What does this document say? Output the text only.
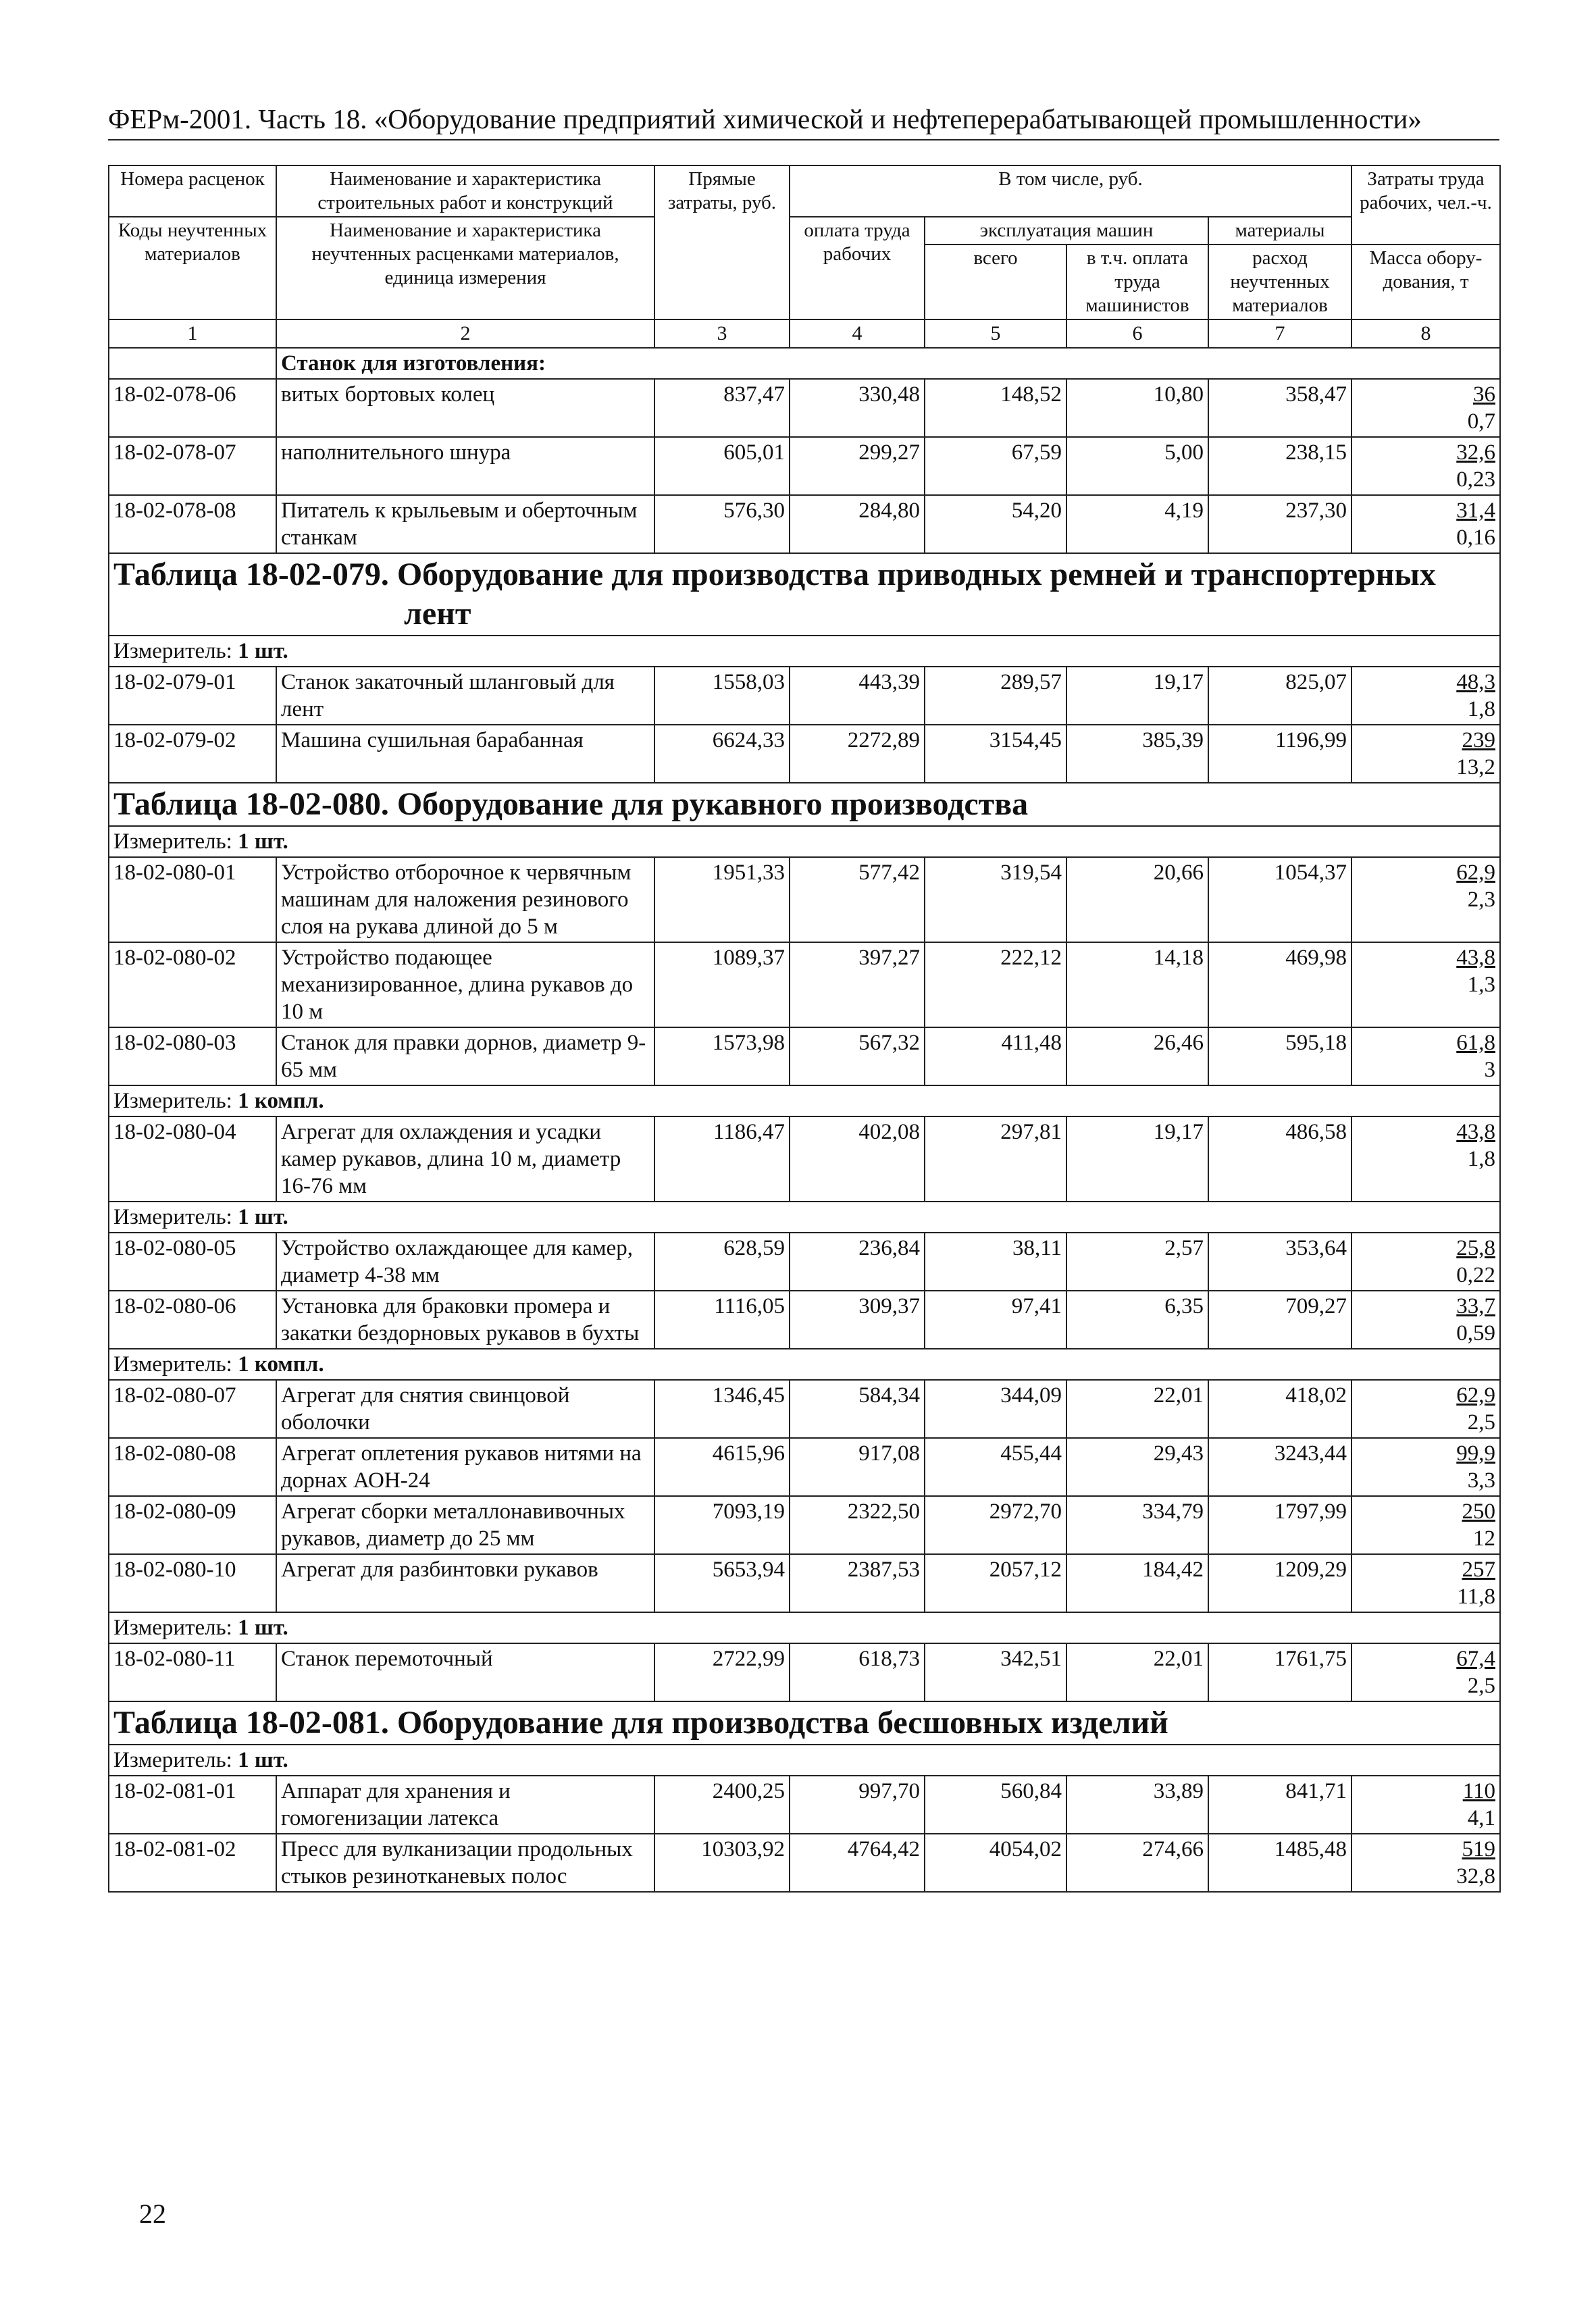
ФЕРм-2001. Часть 18. «Оборудование предприятий химической и нефтеперерабатывающей промышленности»
Номера расценок	Наименование и характеристика строительных работ и конструкций	Прямые затраты, руб.	В том числе, руб.				Затраты труда рабочих, чел.-ч.
Коды неучтенных материалов	Наименование и характеристика неучтенных расценками материалов, единица измерения		оплата труда рабочих	эксплуатация машин		материалы	
				всего	в т.ч. оплата труда машинистов	расход неучтенных материалов	Масса обору-дования, т
1	2	3	4	5	6	7	8
	Станок для изготовления:						
18-02-078-06	витых бортовых колец	837,47	330,48	148,52	10,80	358,47	36
0,7

18-02-078-07	наполнительного шнура	605,01	299,27	67,59	5,00	238,15	32,6
0,23

18-02-078-08	Питатель к крыльевым и оберточным станкам	576,30	284,80	54,20	4,19	237,30	31,4
0,16

Таблица 18-02-079. Оборудование для производства приводных ремней и транспортерных
лент							

Измеритель: 1 шт.							
18-02-079-01	Станок закаточный шланговый для лент	1558,03	443,39	289,57	19,17	825,07	48,3
1,8

18-02-079-02	Машина сушильная барабанная	6624,33	2272,89	3154,45	385,39	1196,99	239
13,2

Таблица 18-02-080. Оборудование для рукавного производства							
Измеритель: 1 шт.							
18-02-080-01	Устройство отборочное к червячным машинам для наложения резинового слоя на рукава длиной до 5 м	1951,33	577,42	319,54	20,66	1054,37	62,9
2,3

18-02-080-02	Устройство подающее механизированное, длина рукавов до 10 м	1089,37	397,27	222,12	14,18	469,98	43,8
1,3

18-02-080-03	Станок для правки дорнов, диаметр 9-65 мм	1573,98	567,32	411,48	26,46	595,18	61,8
3

Измеритель: 1 компл.							
18-02-080-04	Агрегат для охлаждения и усадки камер рукавов, длина 10 м, диаметр 16-76 мм	1186,47	402,08	297,81	19,17	486,58	43,8
1,8

Измеритель: 1 шт.							
18-02-080-05	Устройство охлаждающее для камер, диаметр 4-38 мм	628,59	236,84	38,11	2,57	353,64	25,8
0,22

18-02-080-06	Установка для браковки промера и закатки бездорновых рукавов в бухты	1116,05	309,37	97,41	6,35	709,27	33,7
0,59

Измеритель: 1 компл.							
18-02-080-07	Агрегат для снятия свинцовой оболочки	1346,45	584,34	344,09	22,01	418,02	62,9
2,5

18-02-080-08	Агрегат оплетения рукавов нитями на дорнах АОН-24	4615,96	917,08	455,44	29,43	3243,44	99,9
3,3

18-02-080-09	Агрегат сборки металлонавивочных рукавов, диаметр до 25 мм	7093,19	2322,50	2972,70	334,79	1797,99	250
12

18-02-080-10	Агрегат для разбинтовки рукавов	5653,94	2387,53	2057,12	184,42	1209,29	257
11,8

Измеритель: 1 шт.							
18-02-080-11	Станок перемоточный	2722,99	618,73	342,51	22,01	1761,75	67,4
2,5

Таблица 18-02-081. Оборудование для производства бесшовных изделий							
Измеритель: 1 шт.							
18-02-081-01	Аппарат для хранения и гомогенизации латекса	2400,25	997,70	560,84	33,89	841,71	110
4,1

18-02-081-02	Пресс для вулканизации продольных стыков резинотканевых полос	10303,92	4764,42	4054,02	274,66	1485,48	519
32,8
22
